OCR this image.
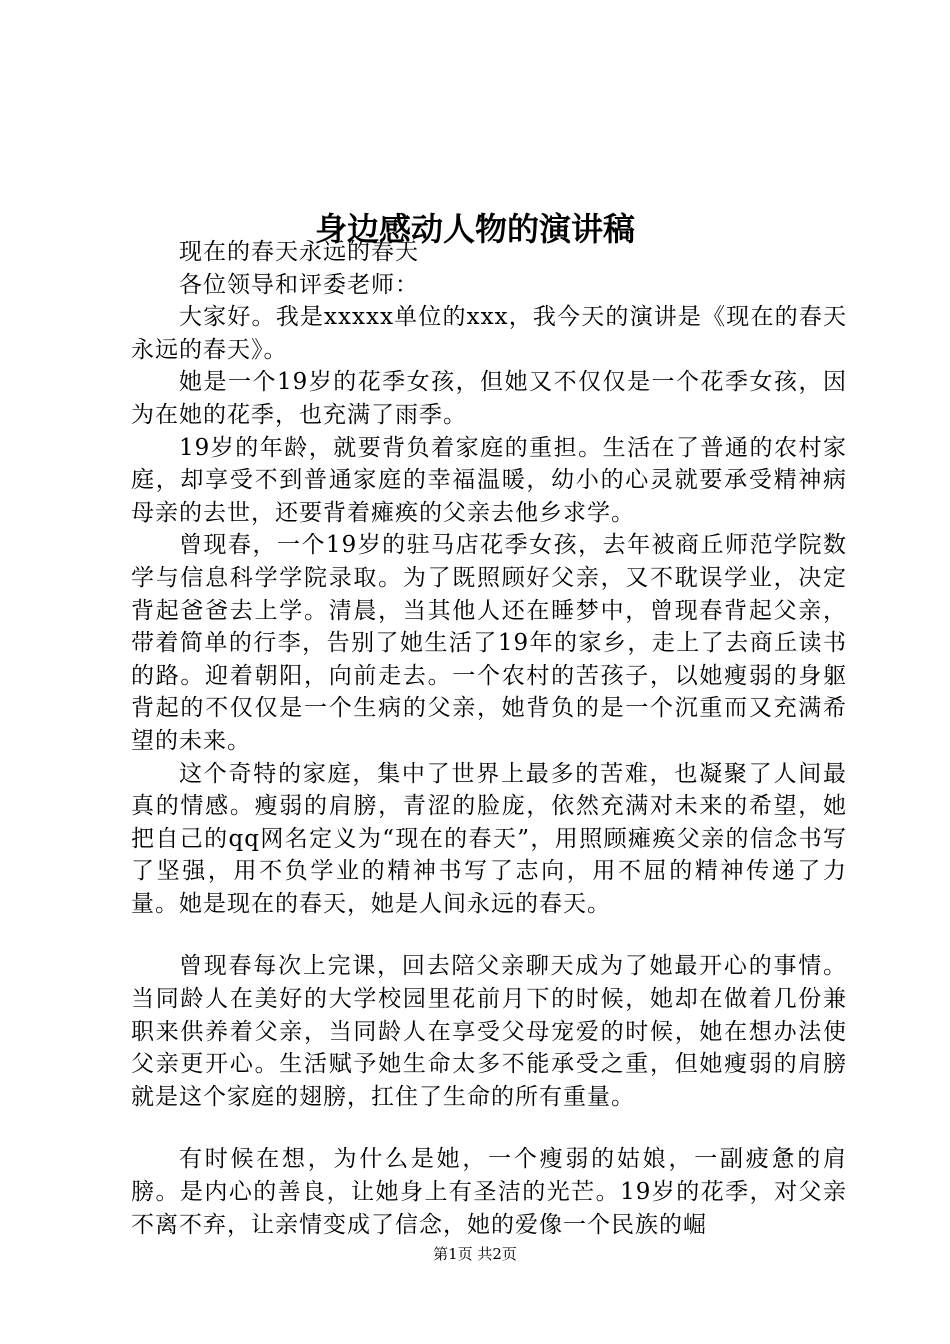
身边感动人物的演讲稿

现在的春天永远的春天

各位领导和评委老师：

大家好。我是xxxxx单位的xxx，我今天的演讲是《现在的春天永远的春天》。

她是一个19岁的花季女孩，但她又不仅仅是一个花季女孩，因为在她的花季，也充满了雨季。

19岁的年龄，就要背负着家庭的重担。生活在了普通的农村家庭，却享受不到普通家庭的幸福温暖，幼小的心灵就要承受精神病母亲的去世，还要背着瘫痪的父亲去他乡求学。

曾现春，一个19岁的驻马店花季女孩，去年被商丘师范学院数学与信息科学学院录取。为了既照顾好父亲，又不耽误学业，决定背起爸爸去上学。清晨，当其他人还在睡梦中，曾现春背起父亲，带着简单的行李，告别了她生活了19年的家乡，走上了去商丘读书的路。迎着朝阳，向前走去。一个农村的苦孩子，以她瘦弱的身躯背起的不仅仅是一个生病的父亲，她背负的是一个沉重而又充满希望的未来。

这个奇特的家庭，集中了世界上最多的苦难，也凝聚了人间最真的情感。瘦弱的肩膀，青涩的脸庞，依然充满对未来的希望，她把自己的qq网名定义为“现在的春天”，用照顾瘫痪父亲的信念书写了坚强，用不负学业的精神书写了志向，用不屈的精神传递了力量。她是现在的春天，她是人间永远的春天。

曾现春每次上完课，回去陪父亲聊天成为了她最开心的事情。当同龄人在美好的大学校园里花前月下的时候，她却在做着几份兼职来供养着父亲，当同龄人在享受父母宠爱的时候，她在想办法使父亲更开心。生活赋予她生命太多不能承受之重，但她瘦弱的肩膀就是这个家庭的翅膀，扛住了生命的所有重量。

有时候在想，为什么是她，一个瘦弱的姑娘，一副疲惫的肩膀。是内心的善良，让她身上有圣洁的光芒。19岁的花季，对父亲不离不弃，让亲情变成了信念，她的爱像一个民族的崛

第1页 共2页
